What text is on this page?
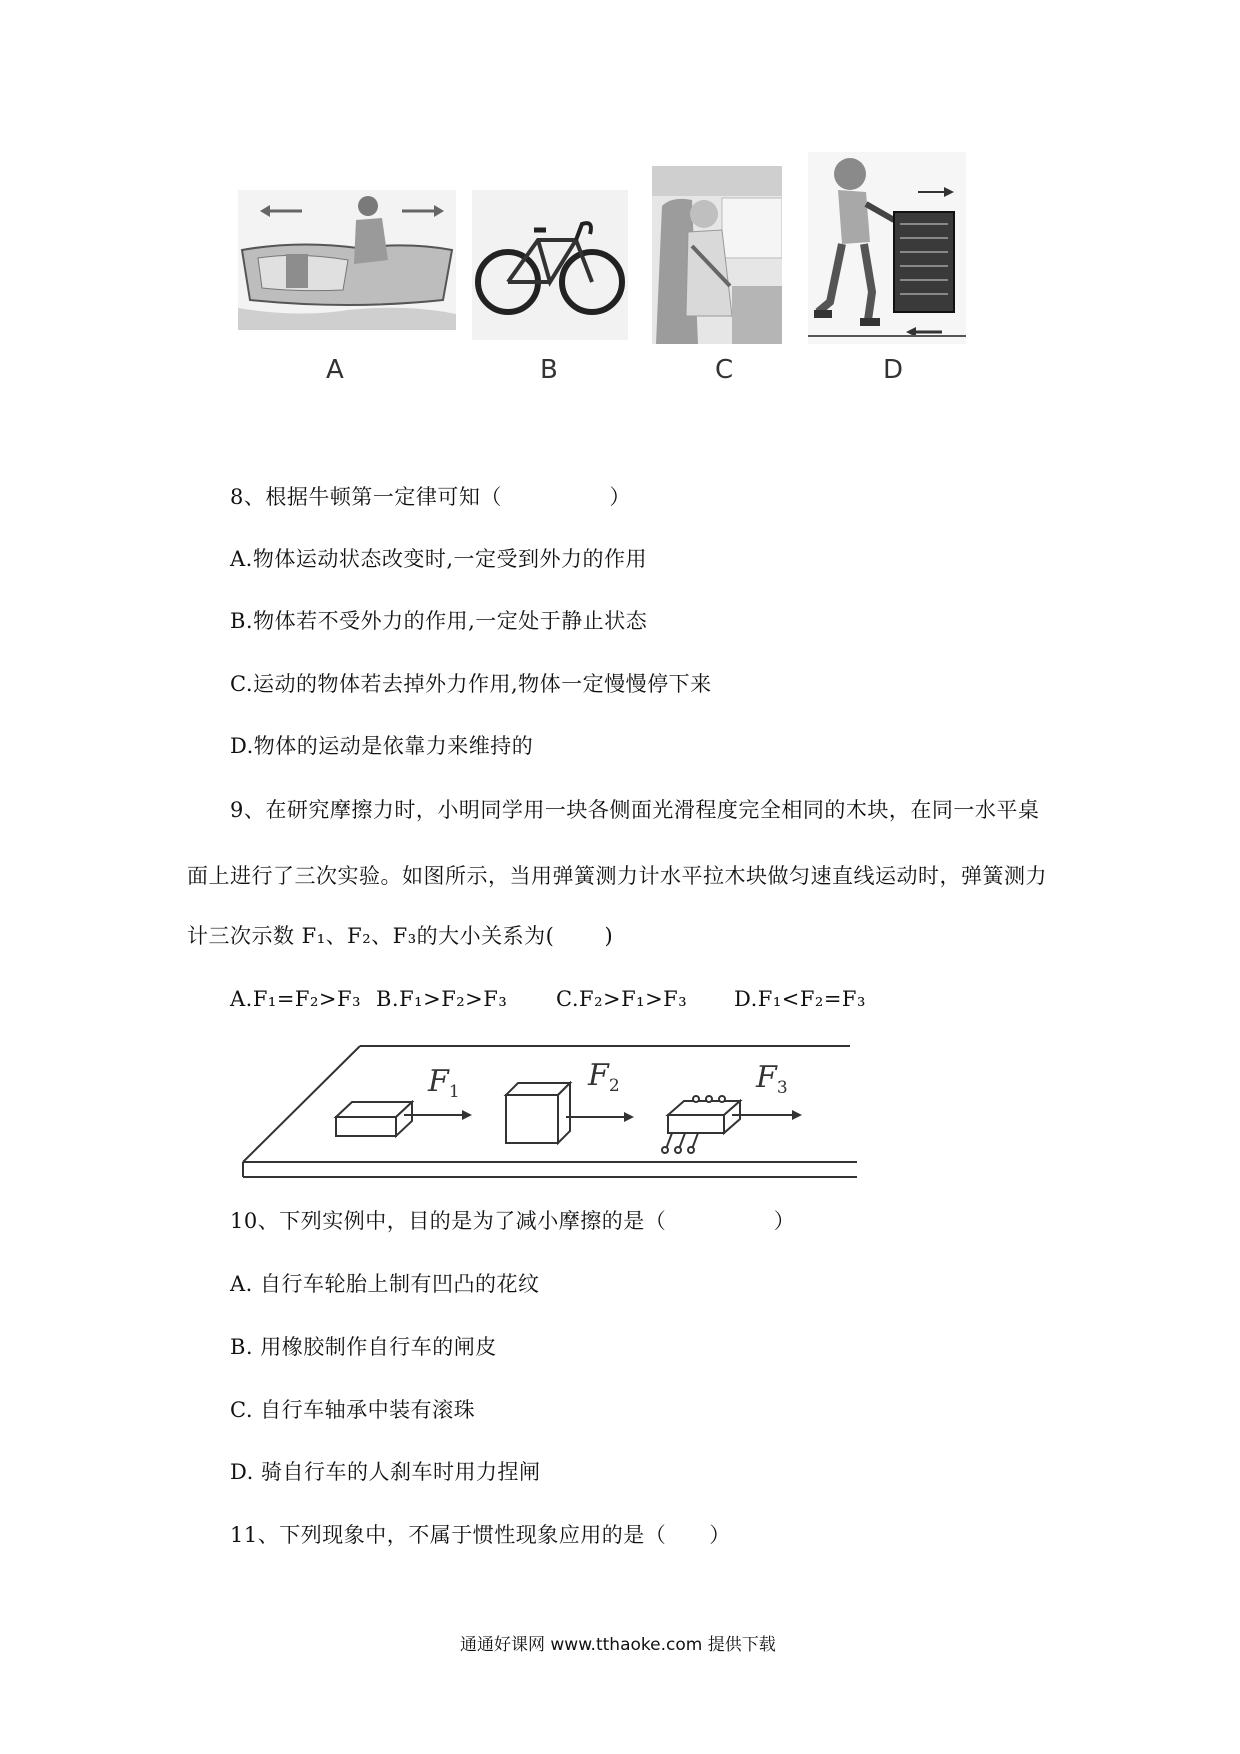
A	B	C	D
8、根据牛顿第一定律可知（　　　　　）
A.物体运动状态改变时,一定受到外力的作用
B.物体若不受外力的作用,一定处于静止状态
C.运动的物体若去掉外力作用,物体一定慢慢停下来
D.物体的运动是依靠力来维持的
9、在研究摩擦力时，小明同学用一块各侧面光滑程度完全相同的木块，在同一水平桌
面上进行了三次实验。如图所示，当用弹簧测力计水平拉木块做匀速直线运动时，弹簧测力
计三次示数 F₁、F₂、F₃的大小关系为(　　 )
A.F₁=F₂>F₃ B.F₁>F₂>F₃ C.F₂>F₁>F₃ D.F₁<F₂=F₃
$F_1$	$F_2$	$F_3$
10、下列实例中，目的是为了减小摩擦的是（　　　　　）
A. 自行车轮胎上制有凹凸的花纹
B. 用橡胶制作自行车的闸皮
C. 自行车轴承中装有滚珠
D. 骑自行车的人刹车时用力捏闸
11、下列现象中，不属于惯性现象应用的是（　　）
通通好课网 www.tthaoke.com 提供下载
